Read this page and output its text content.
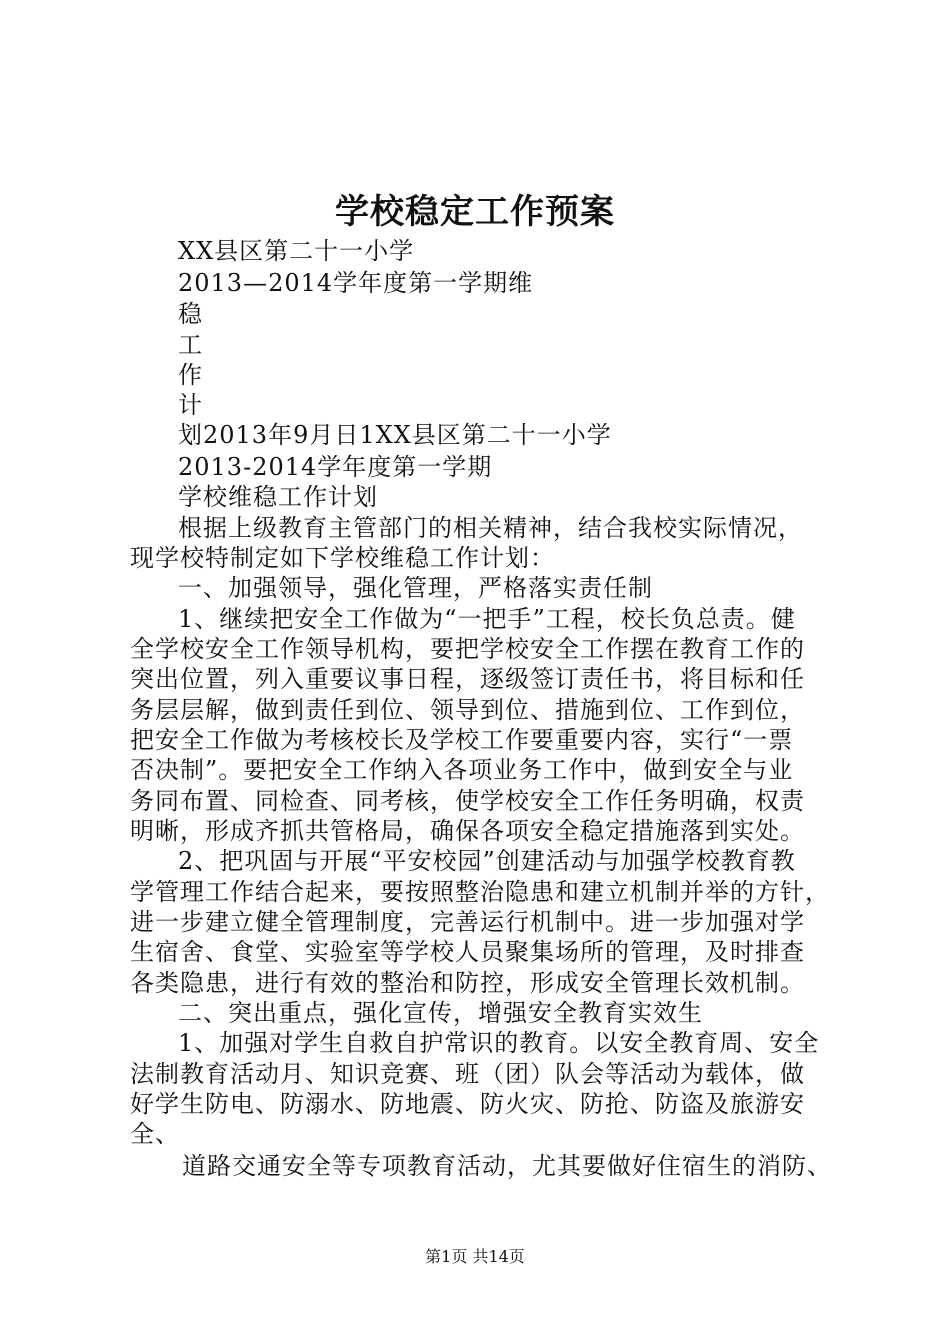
学校稳定工作预案
XX县区第二十一小学
2013—2014学年度第一学期维
稳
工
作
计
划2013年9月日1XX县区第二十一小学
2013-2014学年度第一学期
学校维稳工作计划
根据上级教育主管部门的相关精神，结合我校实际情况，
现学校特制定如下学校维稳工作计划：
一、加强领导，强化管理，严格落实责任制
1、继续把安全工作做为“一把手”工程，校长负总责。健
全学校安全工作领导机构，要把学校安全工作摆在教育工作的
突出位置，列入重要议事日程，逐级签订责任书，将目标和任
务层层解，做到责任到位、领导到位、措施到位、工作到位，
把安全工作做为考核校长及学校工作要重要内容，实行“一票
否决制”。要把安全工作纳入各项业务工作中，做到安全与业
务同布置、同检查、同考核，使学校安全工作任务明确，权责
明晰，形成齐抓共管格局，确保各项安全稳定措施落到实处。
2、把巩固与开展“平安校园”创建活动与加强学校教育教
学管理工作结合起来，要按照整治隐患和建立机制并举的方针，
进一步建立健全管理制度，完善运行机制中。进一步加强对学
生宿舍、食堂、实验室等学校人员聚集场所的管理，及时排查
各类隐患，进行有效的整治和防控，形成安全管理长效机制。
二、突出重点，强化宣传，增强安全教育实效生
1、加强对学生自救自护常识的教育。以安全教育周、安全
法制教育活动月、知识竞赛、班（团）队会等活动为载体，做
好学生防电、防溺水、防地震、防火灾、防抢、防盗及旅游安
全、
道路交通安全等专项教育活动，尤其要做好住宿生的消防、
第1页 共14页
